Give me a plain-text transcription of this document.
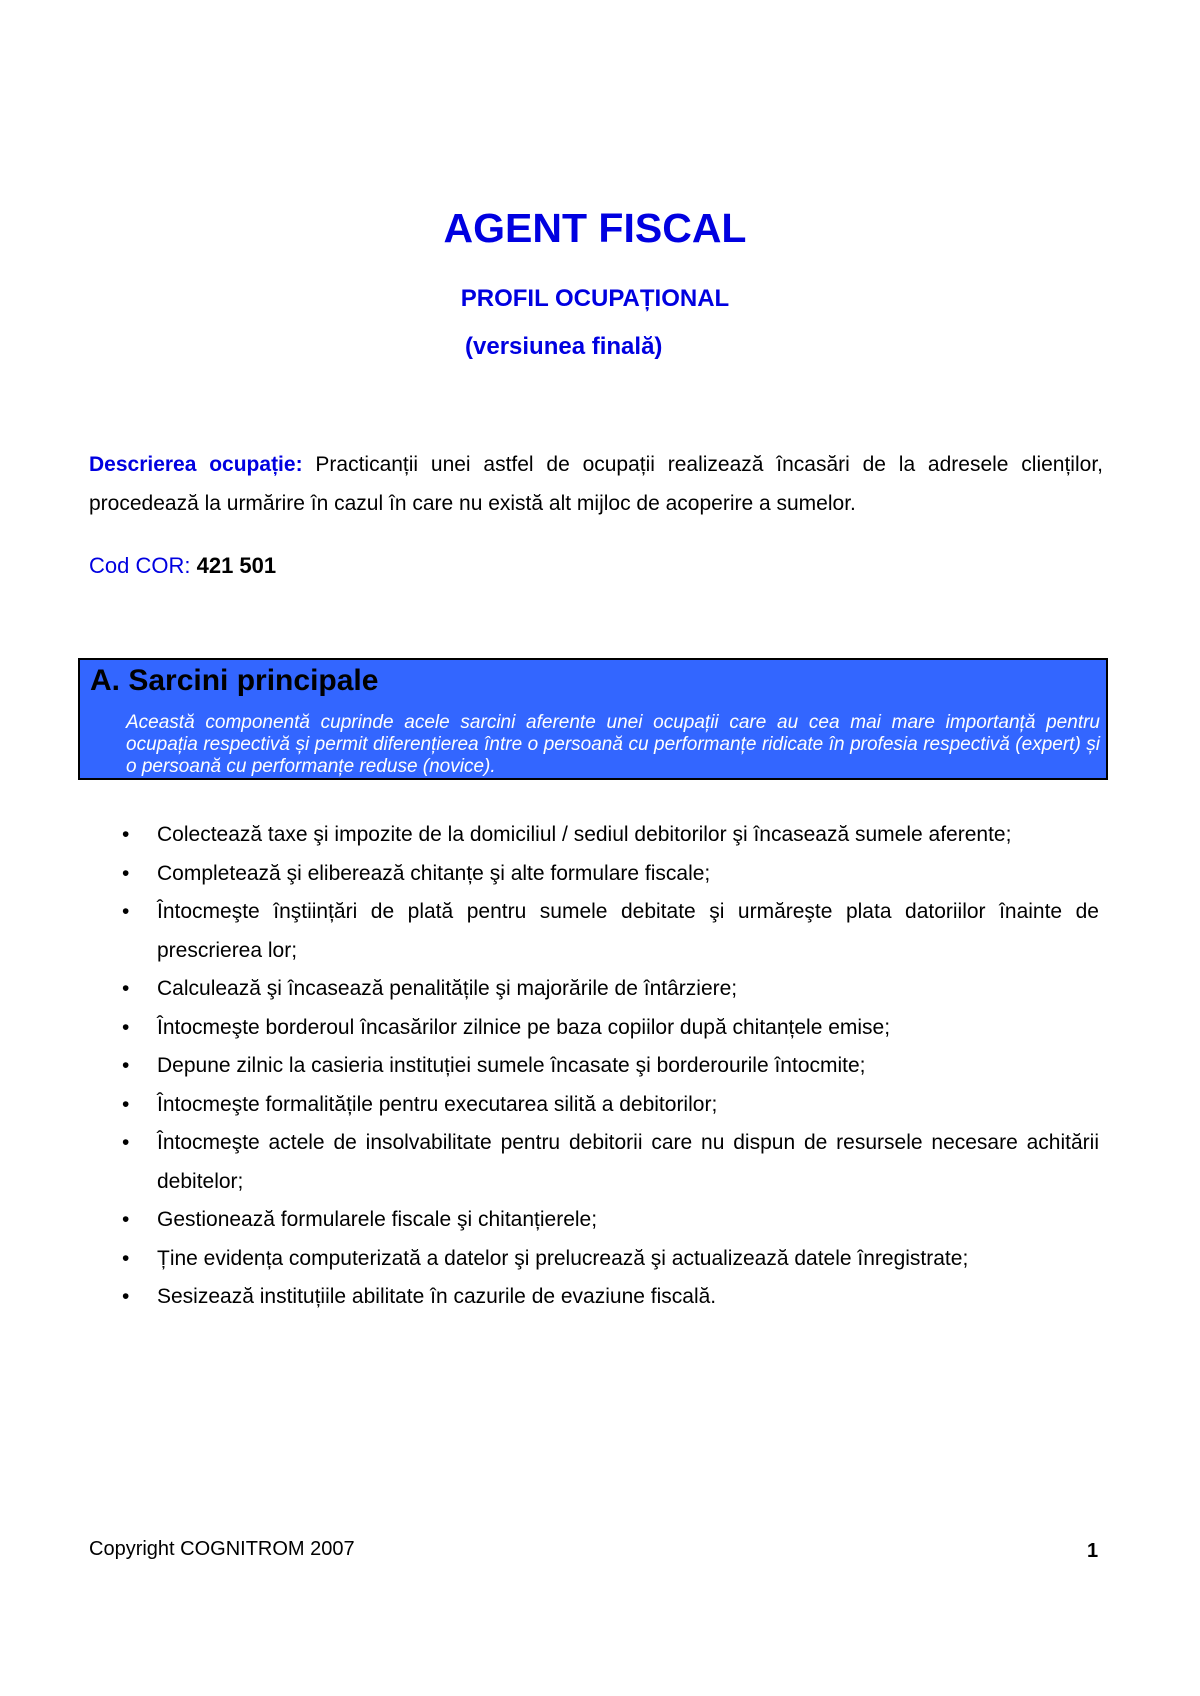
AGENT FISCAL
PROFIL OCUPAȚIONAL

(versiunea finală)

Descrierea ocupație: Practicanții unei astfel de ocupații realizează încasări de la adresele clienților, procedează la urmărire în cazul în care nu există alt mijloc de acoperire a sumelor.

Cod COR: 421 501

A. Sarcini principale

Această componentă cuprinde acele sarcini aferente unei ocupații care au cea mai mare importanță pentru ocupația respectivă și permit diferențierea între o persoană cu performanțe ridicate în profesia respectivă (expert) și o persoană cu performanțe reduse (novice).

• Colectează taxe şi impozite de la domiciliul / sediul debitorilor şi încasează sumele aferente;
• Completează şi eliberează chitanțe şi alte formulare fiscale;
• Întocmeşte înştiințări de plată pentru sumele debitate şi urmăreşte plata datoriilor înainte de prescrierea lor;
• Calculează şi încasează penalitățile şi majorările de întârziere;
• Întocmeşte borderoul încasărilor zilnice pe baza copiilor după chitanțele emise;
• Depune zilnic la casieria instituției sumele încasate şi borderourile întocmite;
• Întocmeşte formalitățile pentru executarea silită a debitorilor;
• Întocmeşte actele de insolvabilitate pentru debitorii care nu dispun de resursele necesare achitării debitelor;
• Gestionează formularele fiscale şi chitanțierele;
• Ține evidența computerizată a datelor şi prelucrează şi actualizează datele înregistrate;
• Sesizează instituțiile abilitate în cazurile de evaziune fiscală.

Copyright COGNITROM 2007	1
